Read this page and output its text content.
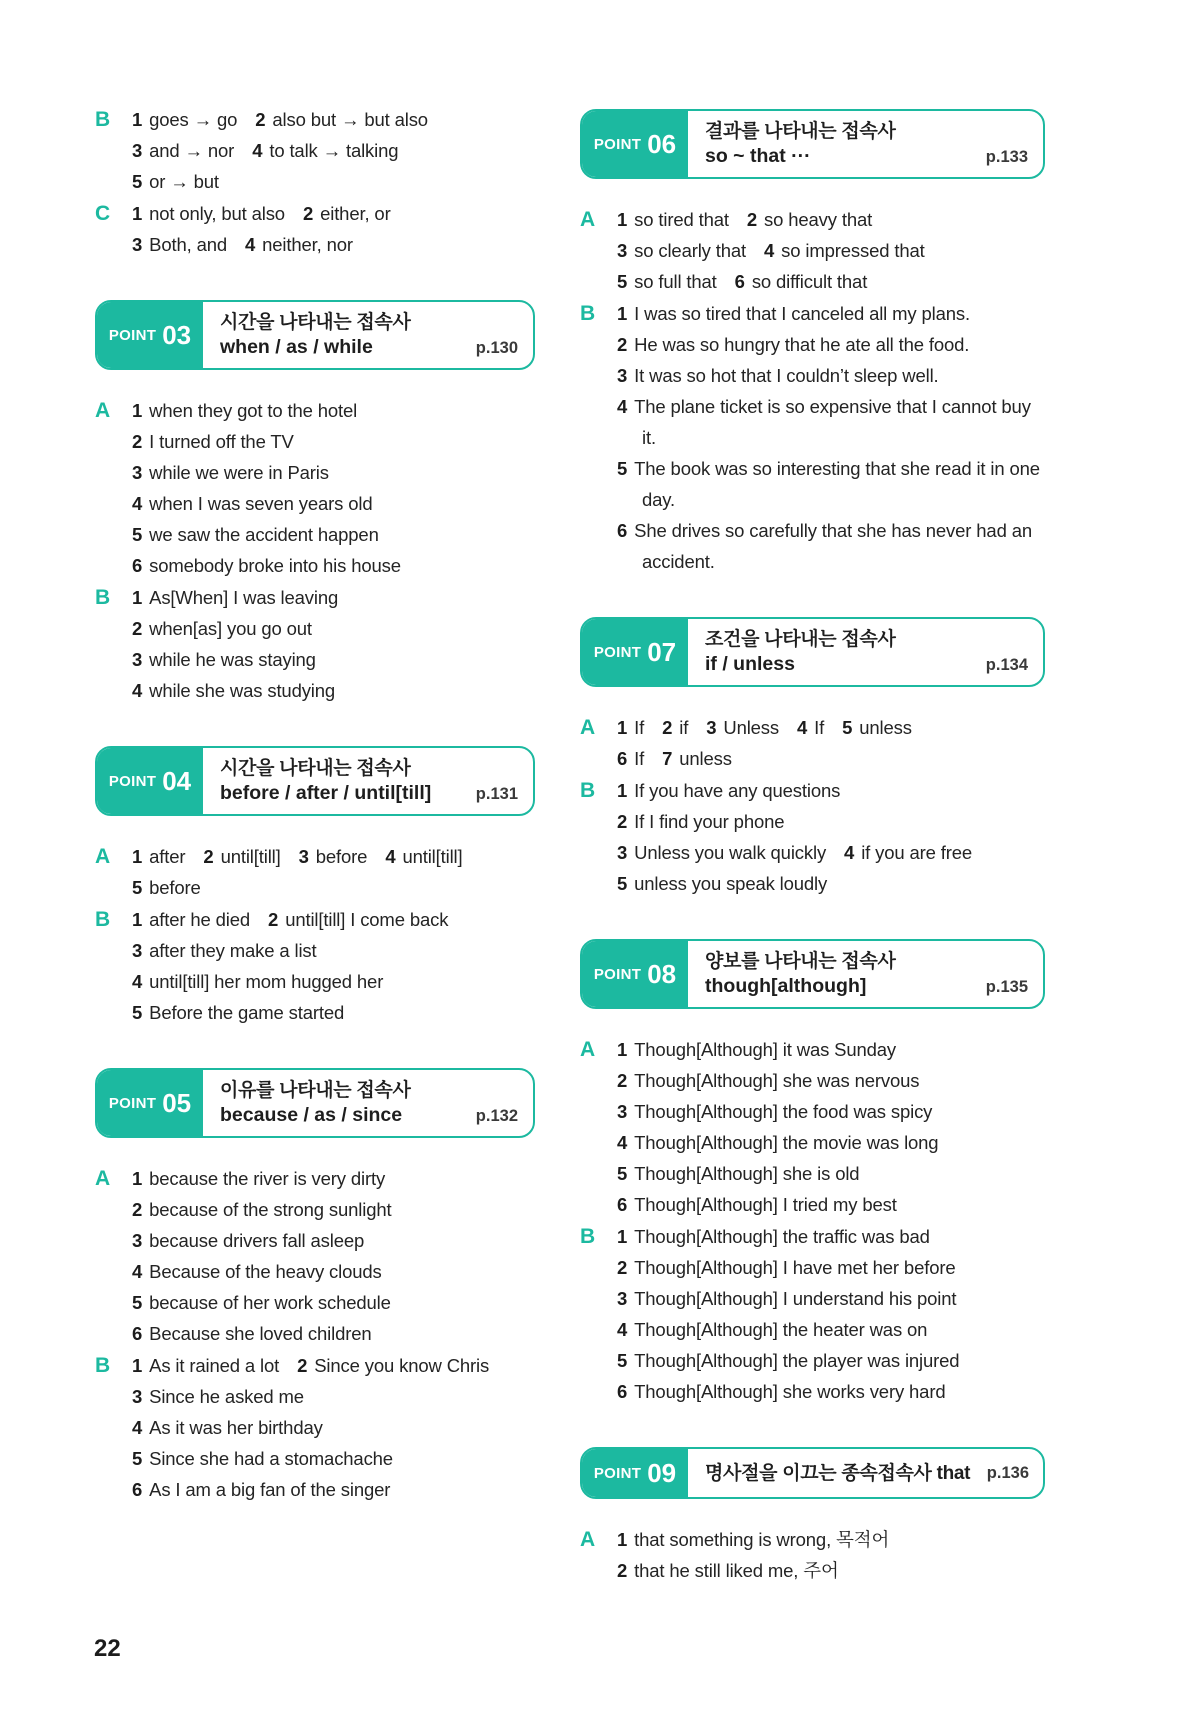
B	1 goes → go 2 also but → but also
3 and → nor 4 to talk → talking
5 or → but
C	1 not only, but also 2 either, or
3 Both, and 4 neither, nor
POINT 03 시간을 나타내는 접속사
when / as / while	p.130
A	1 when they got to the hotel
2 I turned off the TV
3 while we were in Paris
4 when I was seven years old
5 we saw the accident happen
6 somebody broke into his house
B	1 As[When] I was leaving
2 when[as] you go out
3 while he was staying
4 while she was studying
POINT 04 시간을 나타내는 접속사
before / after / until[till]	p.131
A	1 after 2 until[till] 3 before 4 until[till]
5 before
B	1 after he died 2 until[till] I come back
3 after they make a list
4 until[till] her mom hugged her
5 Before the game started
POINT 05 이유를 나타내는 접속사
because / as / since	p.132
A	1 because the river is very dirty
2 because of the strong sunlight
3 because drivers fall asleep
4 Because of the heavy clouds
5 because of her work schedule
6 Because she loved children
B	1 As it rained a lot 2 Since you know Chris
3 Since he asked me
4 As it was her birthday
5 Since she had a stomachache
6 As I am a big fan of the singer
POINT 06 결과를 나타내는 접속사
so ~ that ···	p.133
A	1 so tired that 2 so heavy that
3 so clearly that 4 so impressed that
5 so full that 6 so difficult that
B	1 I was so tired that I canceled all my plans.
2 He was so hungry that he ate all the food.
3 It was so hot that I couldn’t sleep well.
4 The plane ticket is so expensive that I cannot buy it.
5 The book was so interesting that she read it in one day.
6 She drives so carefully that she has never had an accident.
POINT 07 조건을 나타내는 접속사
if / unless	p.134
A	1 If 2 if 3 Unless 4 If 5 unless
6 If 7 unless
B	1 If you have any questions
2 If I find your phone
3 Unless you walk quickly 4 if you are free
5 unless you speak loudly
POINT 08 양보를 나타내는 접속사
though[although]	p.135
A	1 Though[Although] it was Sunday
2 Though[Although] she was nervous
3 Though[Although] the food was spicy
4 Though[Although] the movie was long
5 Though[Although] she is old
6 Though[Although] I tried my best
B	1 Though[Although] the traffic was bad
2 Though[Although] I have met her before
3 Though[Although] I understand his point
4 Though[Although] the heater was on
5 Though[Although] the player was injured
6 Though[Although] she works very hard
POINT 09 명사절을 이끄는 종속접속사 that	p.136
A	1 that something is wrong, 목적어
2 that he still liked me, 주어
22
